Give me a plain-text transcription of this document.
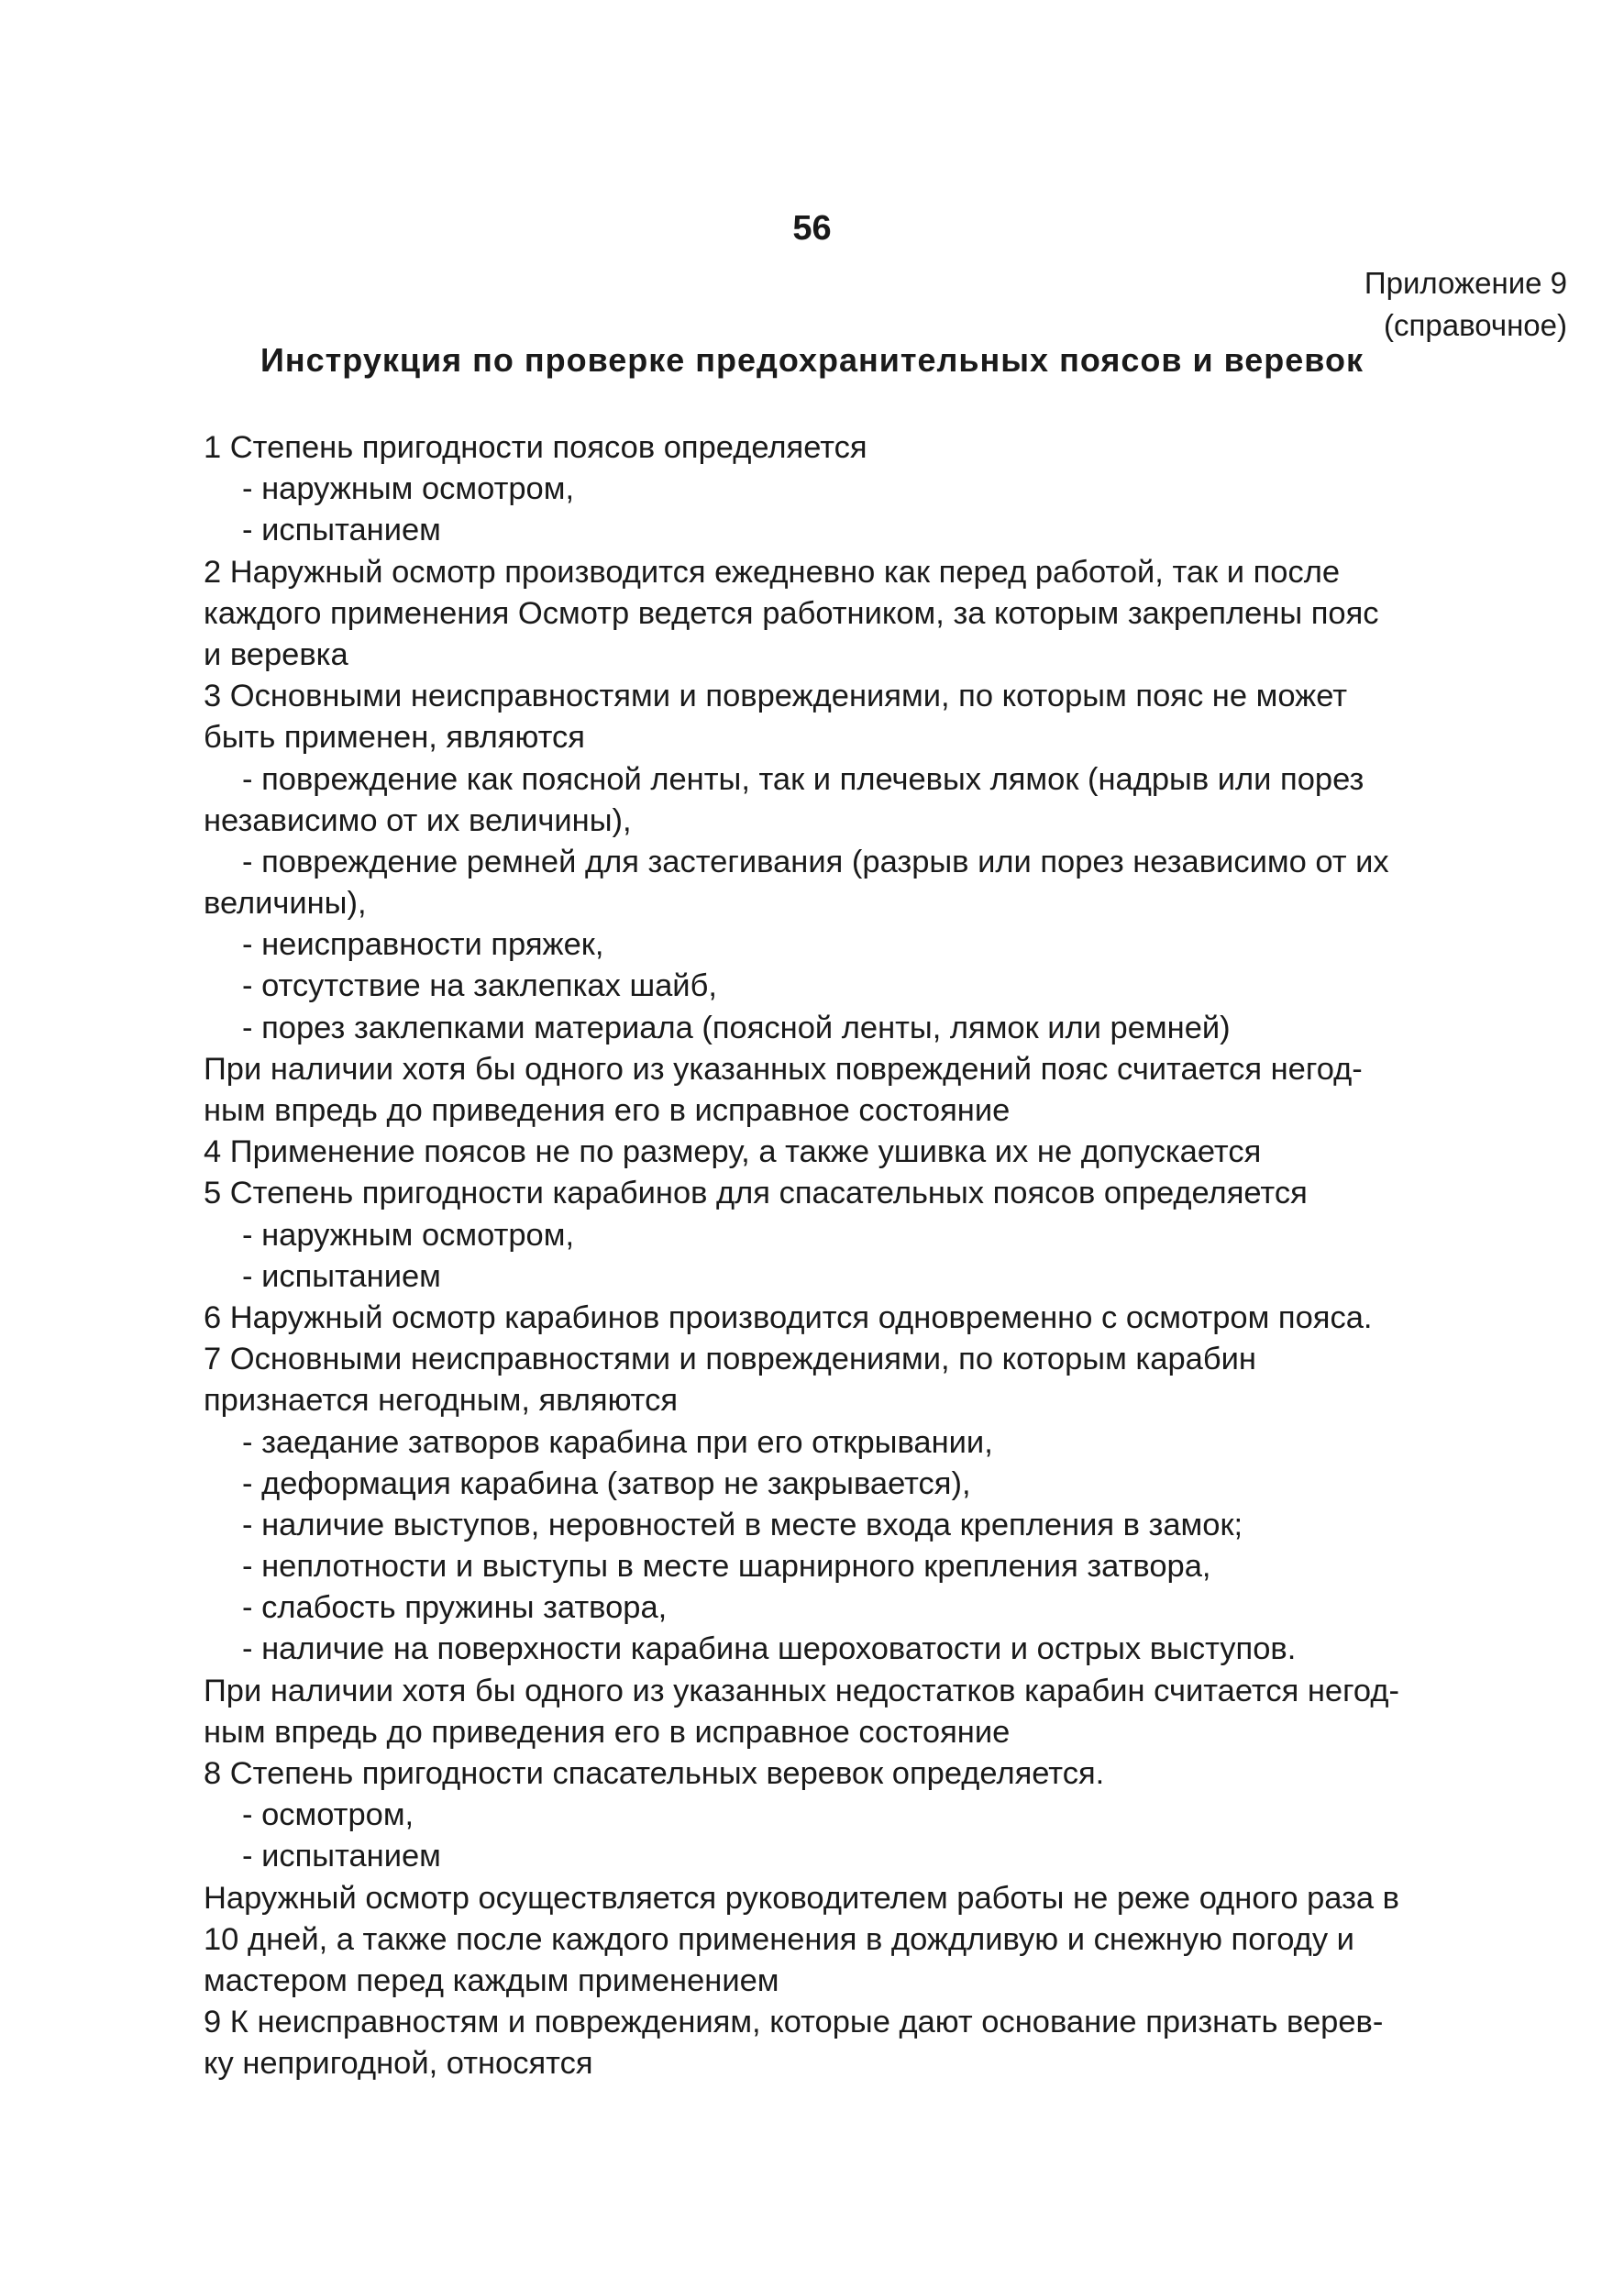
56
Приложение 9
(справочное)
Инструкция по проверке предохранительных поясов и веревок
1 Степень пригодности поясов определяется
- наружным осмотром,
- испытанием
2 Наружный осмотр производится ежедневно как перед работой, так и после
каждого применения Осмотр ведется работником, за которым закреплены пояс
и веревка
3 Основными неисправностями и повреждениями, по которым пояс не может
быть применен, являются
- повреждение как поясной ленты, так и плечевых лямок (надрыв или порез
независимо от их величины),
- повреждение ремней для застегивания (разрыв или порез независимо от их
величины),
- неисправности пряжек,
- отсутствие на заклепках шайб,
- порез заклепками материала (поясной ленты, лямок или ремней)
При наличии хотя бы одного из указанных повреждений пояс считается негод-
ным впредь до приведения его в исправное состояние
4 Применение поясов не по размеру, а также ушивка их не допускается
5 Степень пригодности карабинов для спасательных поясов определяется
- наружным осмотром,
- испытанием
6 Наружный осмотр карабинов производится одновременно с осмотром пояса.
7 Основными неисправностями и повреждениями, по которым карабин
признается негодным, являются
- заедание затворов карабина при его открывании,
- деформация карабина (затвор не закрывается),
- наличие выступов, неровностей в месте входа крепления в замок;
- неплотности и выступы в месте шарнирного крепления затвора,
- слабость пружины затвора,
- наличие на поверхности карабина шероховатости и острых выступов.
При наличии хотя бы одного из указанных недостатков карабин считается негод-
ным впредь до приведения его в исправное состояние
8 Степень пригодности спасательных веревок определяется.
- осмотром,
- испытанием
Наружный осмотр осуществляется руководителем работы не реже одного раза в
10 дней, а также после каждого применения в дождливую и снежную погоду и
мастером перед каждым применением
9 К неисправностям и повреждениям, которые дают основание признать верев-
ку непригодной, относятся
